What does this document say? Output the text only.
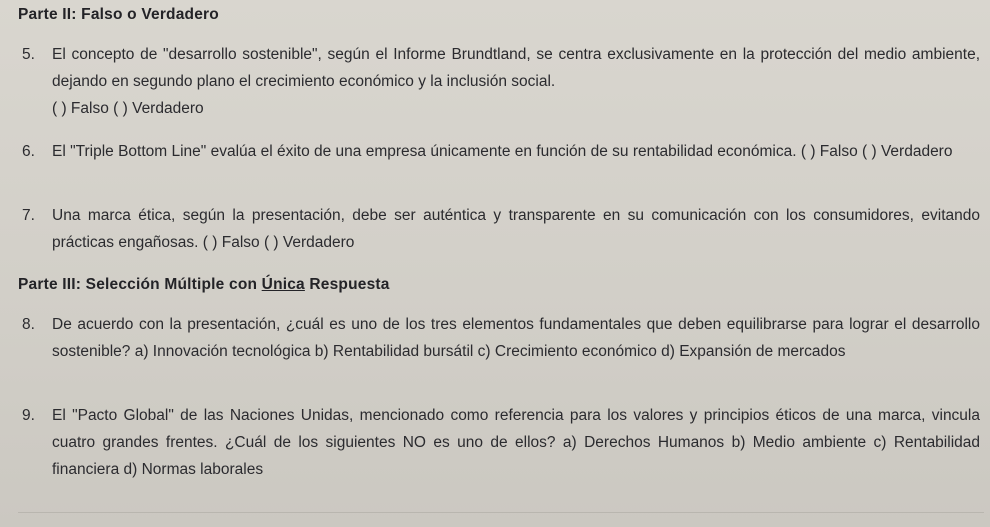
Parte II: Falso o Verdadero
5. El concepto de "desarrollo sostenible", según el Informe Brundtland, se centra exclusivamente en la protección del medio ambiente, dejando en segundo plano el crecimiento económico y la inclusión social.
( ) Falso ( ) Verdadero
6. El "Triple Bottom Line" evalúa el éxito de una empresa únicamente en función de su rentabilidad económica. ( ) Falso ( ) Verdadero
7. Una marca ética, según la presentación, debe ser auténtica y transparente en su comunicación con los consumidores, evitando prácticas engañosas. ( ) Falso ( ) Verdadero
Parte III: Selección Múltiple con Única Respuesta
8. De acuerdo con la presentación, ¿cuál es uno de los tres elementos fundamentales que deben equilibrarse para lograr el desarrollo sostenible? a) Innovación tecnológica b) Rentabilidad bursátil c) Crecimiento económico d) Expansión de mercados
9. El "Pacto Global" de las Naciones Unidas, mencionado como referencia para los valores y principios éticos de una marca, vincula cuatro grandes frentes. ¿Cuál de los siguientes NO es uno de ellos? a) Derechos Humanos b) Medio ambiente c) Rentabilidad financiera d) Normas laborales
